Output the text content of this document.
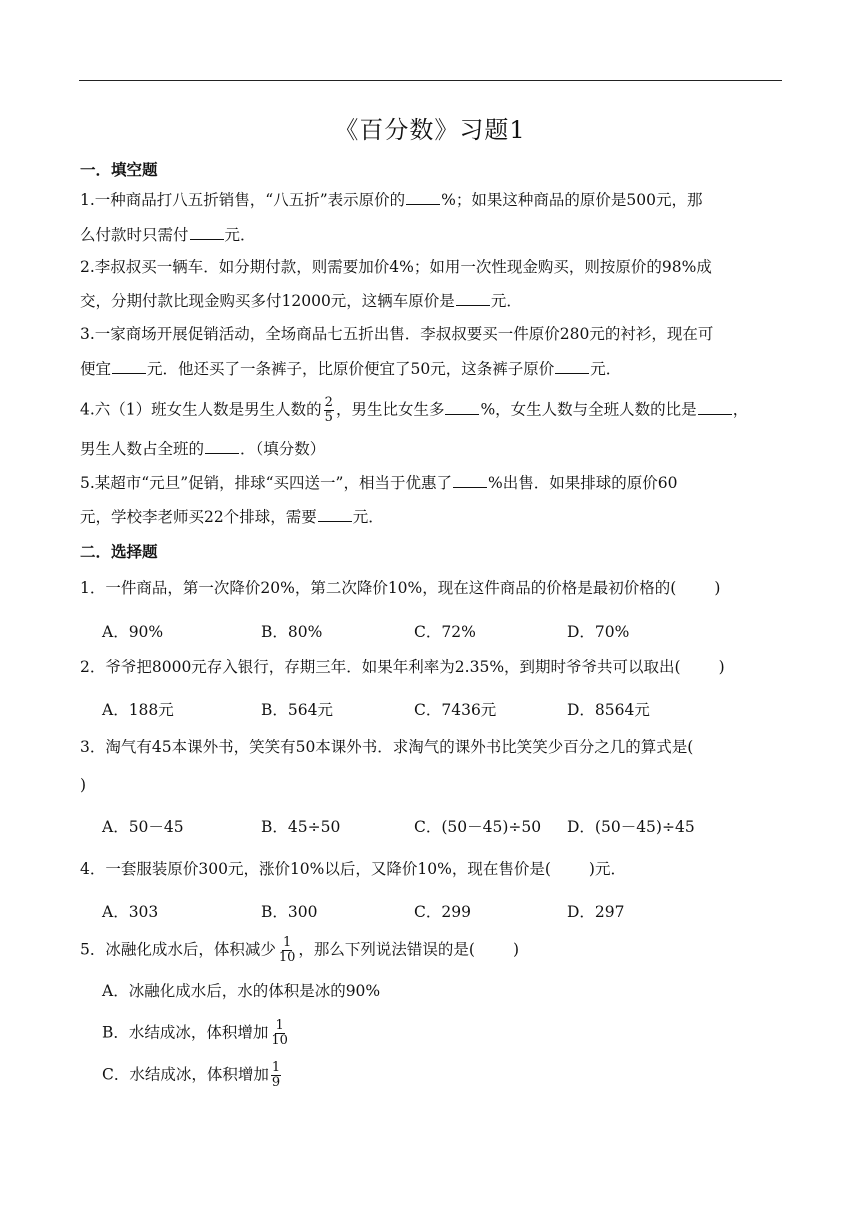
《百分数》习题1
一．填空题
1.一种商品打八五折销售，“八五折”表示原价的 %；如果这种商品的原价是500元，那
么付款时只需付 元．
2.李叔叔买一辆车．如分期付款，则需要加价4%；如用一次性现金购买，则按原价的98%成
交，分期付款比现金购买多付12000元，这辆车原价是 元．
3.一家商场开展促销活动，全场商品七五折出售．李叔叔要买一件原价280元的衬衫，现在可
便宜 元．他还买了一条裤子，比原价便宜了50元，这条裤子原价 元．
4.六（1）班女生人数是男生人数的 $\frac{2}{5}$ ，男生比女生多 %，女生人数与全班人数的比是 ，
男生人数占全班的 ．（填分数）
5.某超市“元旦”促销，排球“买四送一”，相当于优惠了 %出售．如果排球的原价60
元，学校李老师买22个排球，需要 元．
二．选择题
1．一件商品，第一次降价20%，第二次降价10%，现在这件商品的价格是最初价格的( )
A．90%	B．80%	C．72%	D．70%
2．爷爷把8000元存入银行，存期三年．如果年利率为2.35%，到期时爷爷共可以取出( )
A．188元	B．564元	C．7436元	D．8564元
3．淘气有45本课外书，笑笑有50本课外书．求淘气的课外书比笑笑少百分之几的算式是(
)
A．50－45	B．45÷50	C．(50－45)÷50 D．(50－45)÷45
4．一套服装原价300元，涨价10%以后，又降价10%，现在售价是( )元．
A．303	B．300	C．299	D．297
5．冰融化成水后，体积减少 $\frac{1}{10}$ ，那么下列说法错误的是( )
A．冰融化成水后，水的体积是冰的90%
B．水结成冰，体积增加 $\frac{1}{10}$
C．水结成冰，体积增加 $\frac{1}{9}$
